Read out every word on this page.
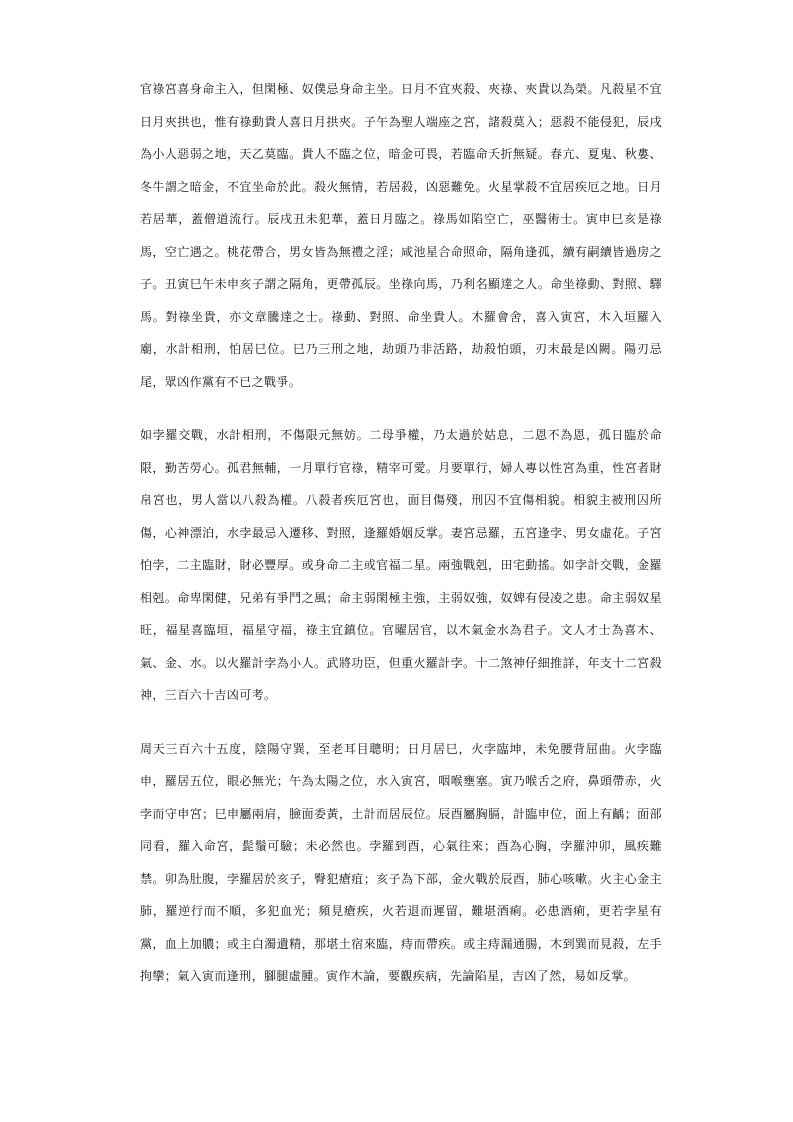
官祿宮喜身命主入，但閑極、奴僕忌身命主坐。日月不宜夾殺、夾祿、夾貴以為榮。凡殺星不宜日月夾拱也，惟有祿動貴人喜日月拱夾。子午為聖人端座之宮，諸殺莫入；惡殺不能侵犯，辰戌為小人惡弱之地，天乙莫臨。貴人不臨之位，暗金可畏，若臨命夭折無疑。春亢、夏鬼、秋婁、冬牛謂之暗金，不宜坐命於此。殺火無情，若居殺，凶惡難免。火星掌殺不宜居疾厄之地。日月若居華，蓋僧道流行。辰戌丑未犯華，蓋日月臨之。祿馬如陷空亡，巫醫術士。寅申巳亥是祿馬，空亡遇之。桃花帶合，男女皆為無禮之淫；咸池星合命照命，隔角逢孤，續有嗣續皆過房之子。丑寅巳午未申亥子謂之隔角，更帶孤辰。坐祿向馬，乃利名顯達之人。命坐祿動、對照、驛馬。對祿坐貴，亦文章騰達之士。祿動、對照、命坐貴人。木羅會舍，喜入寅宮，木入垣羅入廟，水計相刑，怕居巳位。巳乃三刑之地，劫頭乃非活路，劫殺怕頭，刃末最是凶闕。陽刃忌尾，眾凶作黨有不已之戰爭。

如孛羅交戰，水計相刑，不傷限元無妨。二母爭權，乃太過於姑息，二恩不為恩，孤日臨於命限，勤苦勞心。孤君無輔，一月單行官祿，精宰可愛。月要單行，婦人專以性宮為重，性宮者財帛宮也，男人當以八殺為權。八殺者疾厄宮也，面目傷殘，刑囚不宜傷相貌。相貌主被刑囚所傷，心神漂泊，水孛最忌入遷移、對照，逢羅婚姻反掌。妻宮忌羅，五宮逢孛、男女虛花。子宮怕孛，二主臨財，財必豐厚。或身命二主或官福二星。兩強戰剋，田宅動搖。如孛計交戰，金羅相剋。命卑閑健，兄弟有爭鬥之風；命主弱閑極主強，主弱奴強，奴婢有侵凌之患。命主弱奴星旺，福星喜臨垣，福星守福，祿主宜鎮位。官曜居官，以木氣金水為君子。文人才士為喜木、氣、金、水。以火羅計孛為小人。武將功臣，但重火羅計孛。十二煞神仔細推詳，年支十二宮殺神，三百六十吉凶可考。

周天三百六十五度，陰陽守巽，至老耳目聰明；日月居巳，火孛臨坤，未免腰背屈曲。火孛臨申，羅居五位，眼必無光；午為太陽之位，水入寅宮，咽喉壅塞。寅乃喉舌之府，鼻頭帶赤，火孛而守申宮；巳申屬兩肩，臉面委黃，土計而居辰位。辰酉屬胸膈，計臨申位，面上有齲；面部同看，羅入命宮，髭鬚可驗；未必然也。孛羅到酉，心氣往來；酉為心胸，孛羅沖卯，風疾難禁。卯為肚腹，孛羅居於亥子，臀犯瘡疽；亥子為下部，金火戰於辰酉，肺心咳嗽。火主心金主肺，羅逆行而不順，多犯血光；頻見瘡疾，火若退而遲留，難堪酒痢。必患酒痢，更若孛星有黨，血上加膿；或主白濁遺精，那堪土宿來臨，痔而帶疾。或主痔漏通腸，木到巽而見殺，左手拘攣；氣入寅而逢刑，腳腿虛腫。寅作木論，要觀疾病，先論陷星，吉凶了然，易如反掌。
